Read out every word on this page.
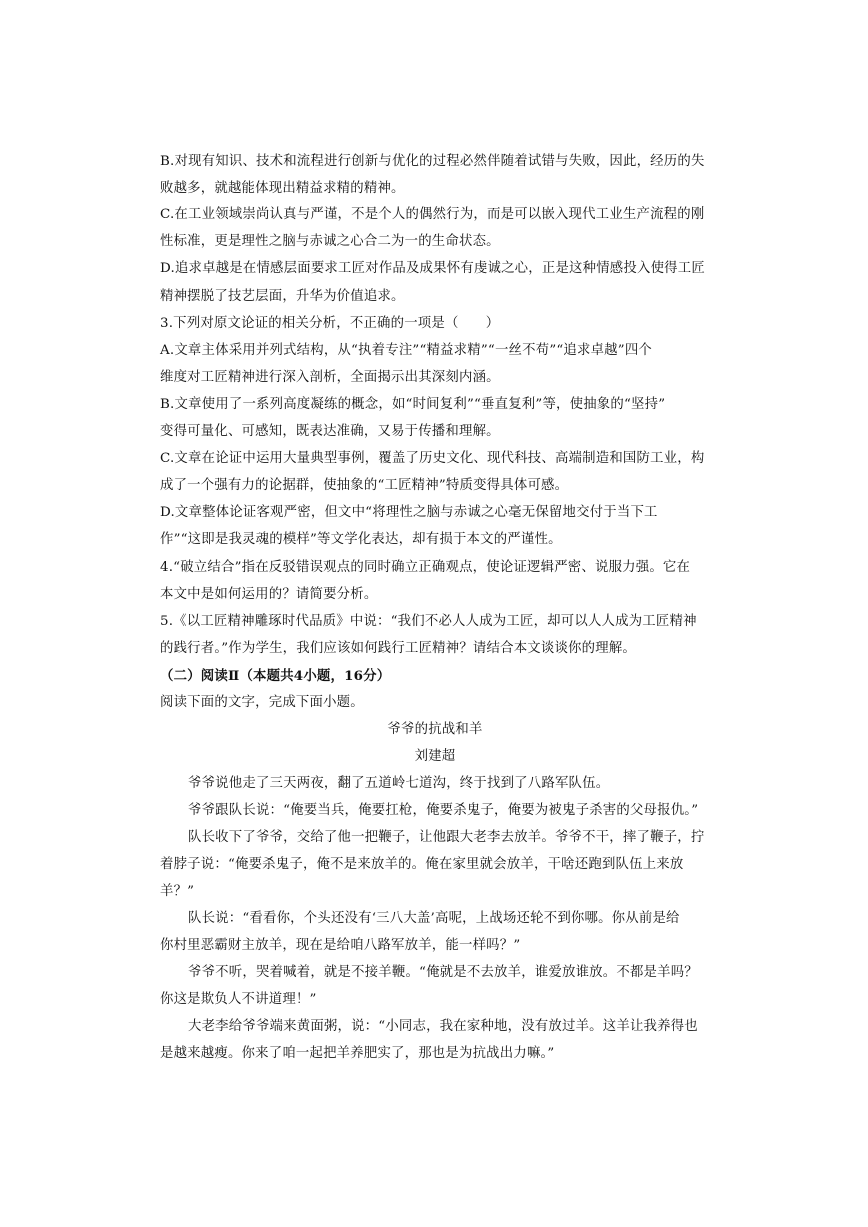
B.对现有知识、技术和流程进行创新与优化的过程必然伴随着试错与失败，因此，经历的失
败越多，就越能体现出精益求精的精神。
C.在工业领域崇尚认真与严谨，不是个人的偶然行为，而是可以嵌入现代工业生产流程的刚
性标准，更是理性之脑与赤诚之心合二为一的生命状态。
D.追求卓越是在情感层面要求工匠对作品及成果怀有虔诚之心，正是这种情感投入使得工匠
精神摆脱了技艺层面，升华为价值追求。
3.下列对原文论证的相关分析，不正确的一项是（　　）
A.文章主体采用并列式结构，从“执着专注”“精益求精”“一丝不苟”“追求卓越”四个
维度对工匠精神进行深入剖析，全面揭示出其深刻内涵。
B.文章使用了一系列高度凝练的概念，如“时间复利”“垂直复利”等，使抽象的“坚持”
变得可量化、可感知，既表达准确，又易于传播和理解。
C.文章在论证中运用大量典型事例，覆盖了历史文化、现代科技、高端制造和国防工业，构
成了一个强有力的论据群，使抽象的“工匠精神”特质变得具体可感。
D.文章整体论证客观严密，但文中“将理性之脑与赤诚之心毫无保留地交付于当下工
作”“这即是我灵魂的模样”等文学化表达，却有损于本文的严谨性。
4.“破立结合”指在反驳错误观点的同时确立正确观点，使论证逻辑严密、说服力强。它在
本文中是如何运用的？请简要分析。
5.《以工匠精神雕琢时代品质》中说：“我们不必人人成为工匠，却可以人人成为工匠精神
的践行者。”作为学生，我们应该如何践行工匠精神？请结合本文谈谈你的理解。
（二）阅读Ⅱ（本题共4小题，16分）
阅读下面的文字，完成下面小题。
爷爷的抗战和羊
刘建超
爷爷说他走了三天两夜，翻了五道岭七道沟，终于找到了八路军队伍。
爷爷跟队长说：“俺要当兵，俺要扛枪，俺要杀鬼子，俺要为被鬼子杀害的父母报仇。”
队长收下了爷爷，交给了他一把鞭子，让他跟大老李去放羊。爷爷不干，摔了鞭子，拧
着脖子说：“俺要杀鬼子，俺不是来放羊的。俺在家里就会放羊，干啥还跑到队伍上来放
羊？”
队长说：“看看你，个头还没有‘三八大盖’高呢，上战场还轮不到你哪。你从前是给
你村里恶霸财主放羊，现在是给咱八路军放羊，能一样吗？”
爷爷不听，哭着喊着，就是不接羊鞭。“俺就是不去放羊，谁爱放谁放。不都是羊吗？
你这是欺负人不讲道理！”
大老李给爷爷端来黄面粥，说：“小同志，我在家种地，没有放过羊。这羊让我养得也
是越来越瘦。你来了咱一起把羊养肥实了，那也是为抗战出力嘛。”
